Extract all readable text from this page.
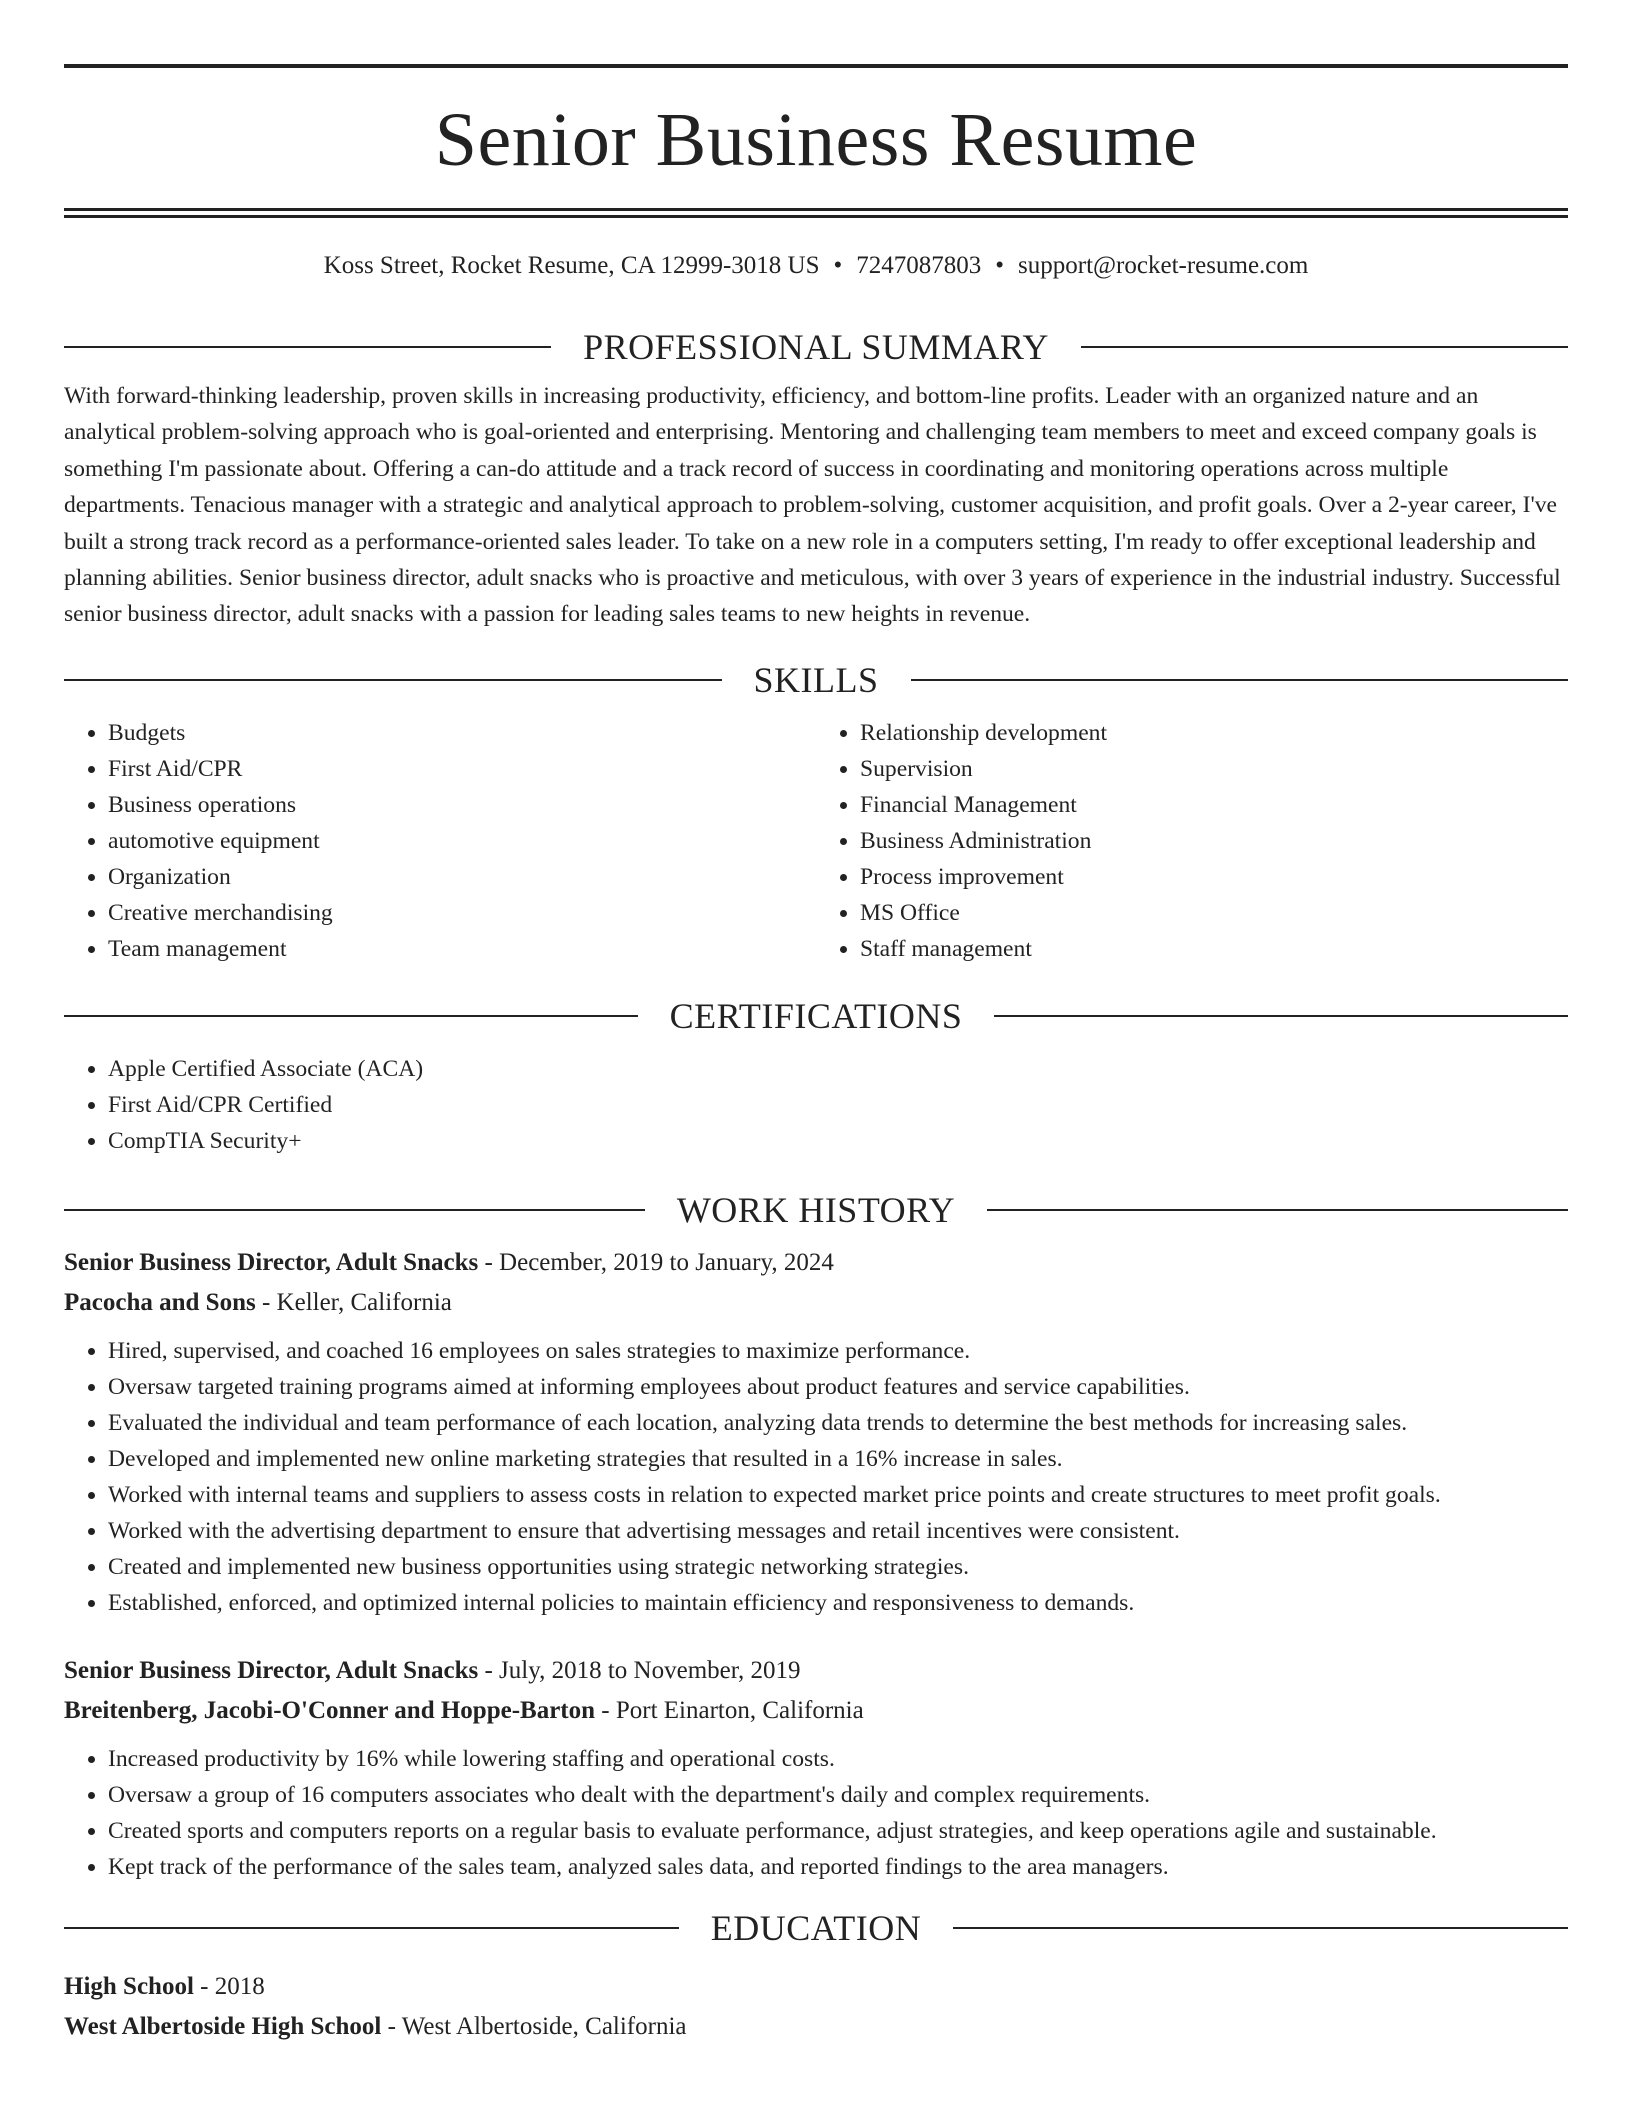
Senior Business Resume
Koss Street, Rocket Resume, CA 12999-3018 US • 7247087803 • support@rocket-resume.com
PROFESSIONAL SUMMARY
With forward-thinking leadership, proven skills in increasing productivity, efficiency, and bottom-line profits. Leader with an organized nature and an analytical problem-solving approach who is goal-oriented and enterprising. Mentoring and challenging team members to meet and exceed company goals is something I'm passionate about. Offering a can-do attitude and a track record of success in coordinating and monitoring operations across multiple departments. Tenacious manager with a strategic and analytical approach to problem-solving, customer acquisition, and profit goals. Over a 2-year career, I've built a strong track record as a performance-oriented sales leader. To take on a new role in a computers setting, I'm ready to offer exceptional leadership and planning abilities. Senior business director, adult snacks who is proactive and meticulous, with over 3 years of experience in the industrial industry. Successful senior business director, adult snacks with a passion for leading sales teams to new heights in revenue.
SKILLS
• Budgets
• First Aid/CPR
• Business operations
• automotive equipment
• Organization
• Creative merchandising
• Team management
• Relationship development
• Supervision
• Financial Management
• Business Administration
• Process improvement
• MS Office
• Staff management
CERTIFICATIONS
• Apple Certified Associate (ACA)
• First Aid/CPR Certified
• CompTIA Security+
WORK HISTORY
Senior Business Director, Adult Snacks - December, 2019 to January, 2024
Pacocha and Sons - Keller, California
• Hired, supervised, and coached 16 employees on sales strategies to maximize performance.
• Oversaw targeted training programs aimed at informing employees about product features and service capabilities.
• Evaluated the individual and team performance of each location, analyzing data trends to determine the best methods for increasing sales.
• Developed and implemented new online marketing strategies that resulted in a 16% increase in sales.
• Worked with internal teams and suppliers to assess costs in relation to expected market price points and create structures to meet profit goals.
• Worked with the advertising department to ensure that advertising messages and retail incentives were consistent.
• Created and implemented new business opportunities using strategic networking strategies.
• Established, enforced, and optimized internal policies to maintain efficiency and responsiveness to demands.
Senior Business Director, Adult Snacks - July, 2018 to November, 2019
Breitenberg, Jacobi-O'Conner and Hoppe-Barton - Port Einarton, California
• Increased productivity by 16% while lowering staffing and operational costs.
• Oversaw a group of 16 computers associates who dealt with the department's daily and complex requirements.
• Created sports and computers reports on a regular basis to evaluate performance, adjust strategies, and keep operations agile and sustainable.
• Kept track of the performance of the sales team, analyzed sales data, and reported findings to the area managers.
EDUCATION
High School - 2018
West Albertoside High School - West Albertoside, California
